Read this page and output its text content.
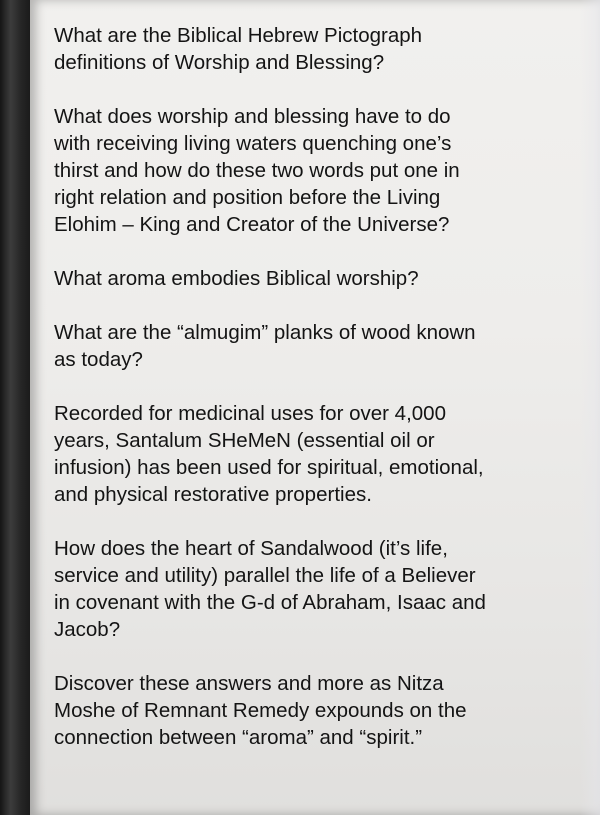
What are the Biblical Hebrew Pictograph
definitions of Worship and Blessing?

What does worship and blessing have to do
with receiving living waters quenching one’s
thirst and how do these two words put one in
right relation and position before the Living
Elohim – King and Creator of the Universe?

What aroma embodies Biblical worship?

What are the “almugim” planks of wood known
as today?

Recorded for medicinal uses for over 4,000
years, Santalum SHeMeN (essential oil or
infusion) has been used for spiritual, emotional,
and physical restorative properties.

How does the heart of Sandalwood (it’s life,
service and utility) parallel the life of a Believer
in covenant with the G-d of Abraham, Isaac and
Jacob?

Discover these answers and more as Nitza
Moshe of Remnant Remedy expounds on the
connection between “aroma” and “spirit.”
